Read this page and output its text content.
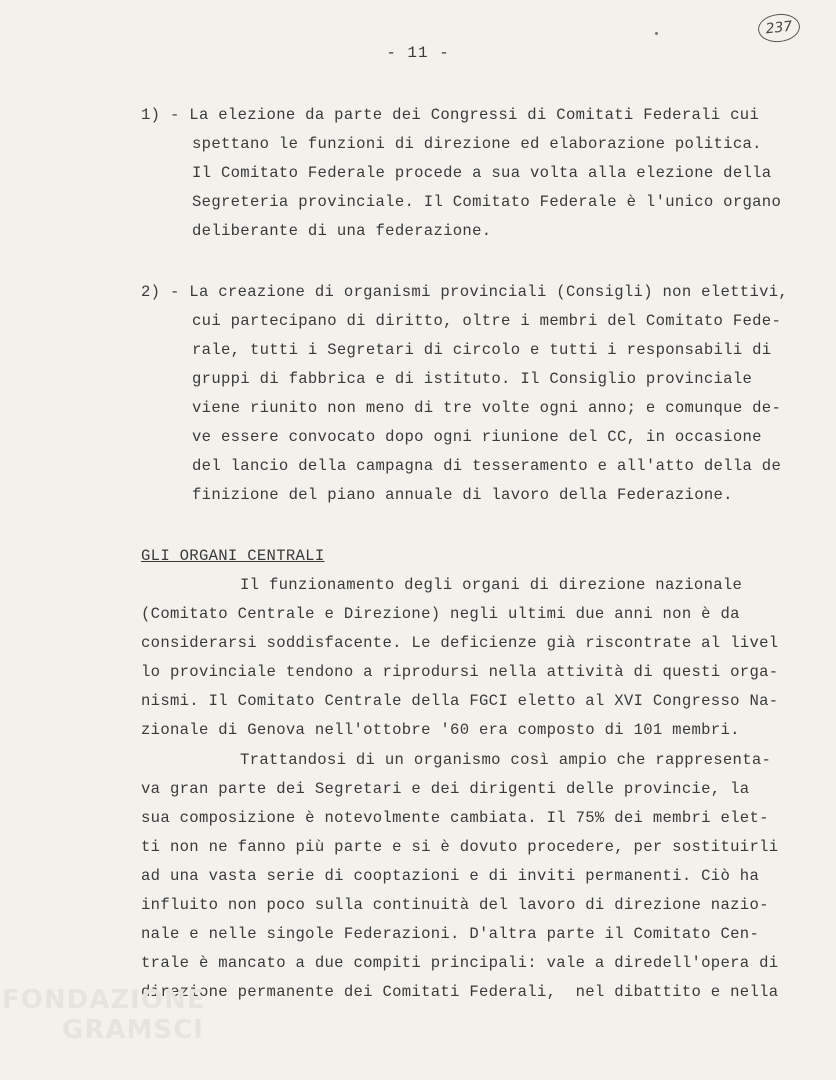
237
- 11 -
1) - La elezione da parte dei Congressi di Comitati Federali cui
spettano le funzioni di direzione ed elaborazione politica.
Il Comitato Federale procede a sua volta alla elezione della
Segreteria provinciale. Il Comitato Federale è l'unico organo
deliberante di una federazione.
2) - La creazione di organismi provinciali (Consigli) non elettivi,
cui partecipano di diritto, oltre i membri del Comitato Fede-
rale, tutti i Segretari di circolo e tutti i responsabili di
gruppi di fabbrica e di istituto. Il Consiglio provinciale
viene riunito non meno di tre volte ogni anno; e comunque de-
ve essere convocato dopo ogni riunione del CC, in occasione
del lancio della campagna di tesseramento e all'atto della de
finizione del piano annuale di lavoro della Federazione.
GLI ORGANI CENTRALI
Il funzionamento degli organi di direzione nazionale
(Comitato Centrale e Direzione) negli ultimi due anni non è da
considerarsi soddisfacente. Le deficienze già riscontrate al livel
lo provinciale tendono a riprodursi nella attività di questi orga-
nismi. Il Comitato Centrale della FGCI eletto al XVI Congresso Na-
zionale di Genova nell'ottobre '60 era composto di 101 membri.
Trattandosi di un organismo così ampio che rappresenta-
va gran parte dei Segretari e dei dirigenti delle provincie, la
sua composizione è notevolmente cambiata. Il 75% dei membri elet-
ti non ne fanno più parte e si è dovuto procedere, per sostituirli
ad una vasta serie di cooptazioni e di inviti permanenti. Ciò ha
influito non poco sulla continuità del lavoro di direzione nazio-
nale e nelle singole Federazioni. D'altra parte il Comitato Cen-
trale è mancato a due compiti principali: vale a diredell'opera di
direzione permanente dei Comitati Federali,  nel dibattito e nella
FONDAZIONE
GRAMSCI
